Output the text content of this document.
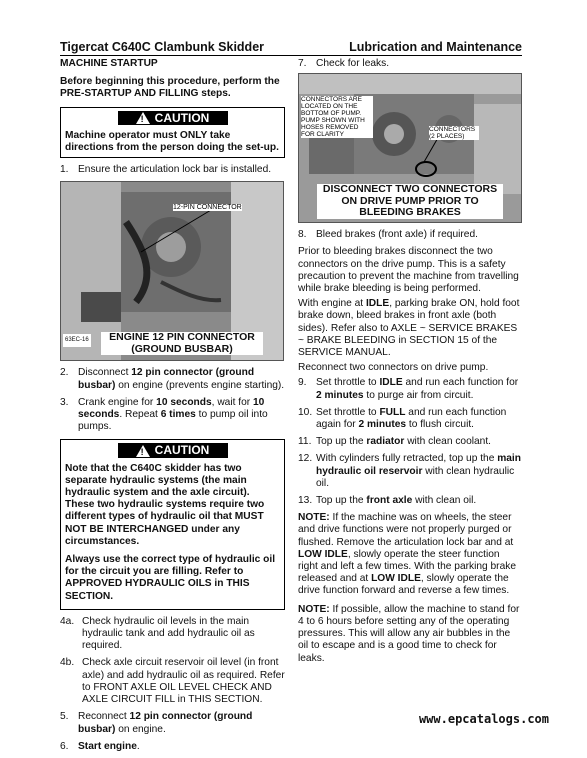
Tigercat C640C Clambunk Skidder	Lubrication and Maintenance
MACHINE STARTUP

Before beginning this procedure, perform the PRE-STARTUP AND FILLING steps.

! CAUTION
Machine operator must ONLY take directions from the person doing the set-up.
1. Ensure the articulation lock bar is installed.
12-PIN CONNECTOR
63EC-16	ENGINE 12 PIN CONNECTOR (GROUND BUSBAR)
2. Disconnect 12 pin connector (ground busbar) on engine (prevents engine starting).
3. Crank engine for 10 seconds, wait for 10 seconds. Repeat 6 times to pump oil into pumps.
! CAUTION

Note that the C640C skidder has two separate hydraulic systems (the main hydraulic system and the axle circuit). These two hydraulic systems require two different types of hydraulic oil that MUST NOT BE INTERCHANGED under any circumstances.

Always use the correct type of hydraulic oil for the circuit you are filling. Refer to APPROVED HYDRAULIC OILS in THIS SECTION.

4a. Check hydraulic oil levels in the main hydraulic tank and add hydraulic oil as required.
4b. Check axle circuit reservoir oil level (in front axle) and add hydraulic oil as required. Refer to FRONT AXLE OIL LEVEL CHECK AND AXLE CIRCUIT FILL in THIS SECTION.
5. Reconnect 12 pin connector (ground busbar) on engine.
6. Start engine.
7. Check for leaks.
CONNECTORS ARE LOCATED ON THE BOTTOM OF PUMP. PUMP SHOWN WITH HOSES REMOVED FOR CLARITY
CONNECTORS (2 PLACES)
DISCONNECT TWO CONNECTORS ON DRIVE PUMP PRIOR TO BLEEDING BRAKES
8. Bleed brakes (front axle) if required.

Prior to bleeding brakes disconnect the two connectors on the drive pump. This is a safety precaution to prevent the machine from travelling while brake bleeding is being performed.

With engine at IDLE, parking brake ON, hold foot brake down, bleed brakes in front axle (both sides). Refer also to AXLE ~ SERVICE BRAKES ~ BRAKE BLEEDING in SECTION 15 of the SERVICE MANUAL.

Reconnect two connectors on drive pump.

9. Set throttle to IDLE and run each function for 2 minutes to purge air from circuit.
10. Set throttle to FULL and run each function again for 2 minutes to flush circuit.
11. Top up the radiator with clean coolant.
12. With cylinders fully retracted, top up the main hydraulic oil reservoir with clean hydraulic oil.
13. Top up the front axle with clean oil.

NOTE: If the machine was on wheels, the steer and drive functions were not properly purged or flushed. Remove the articulation lock bar and at LOW IDLE, slowly operate the steer function right and left a few times. With the parking brake released and at LOW IDLE, slowly operate the drive function forward and reverse a few times.

NOTE: If possible, allow the machine to stand for 4 to 6 hours before setting any of the operating pressures. This will allow any air bubbles in the oil to escape and is a good time to check for leaks.

www.epcatalogs.com
